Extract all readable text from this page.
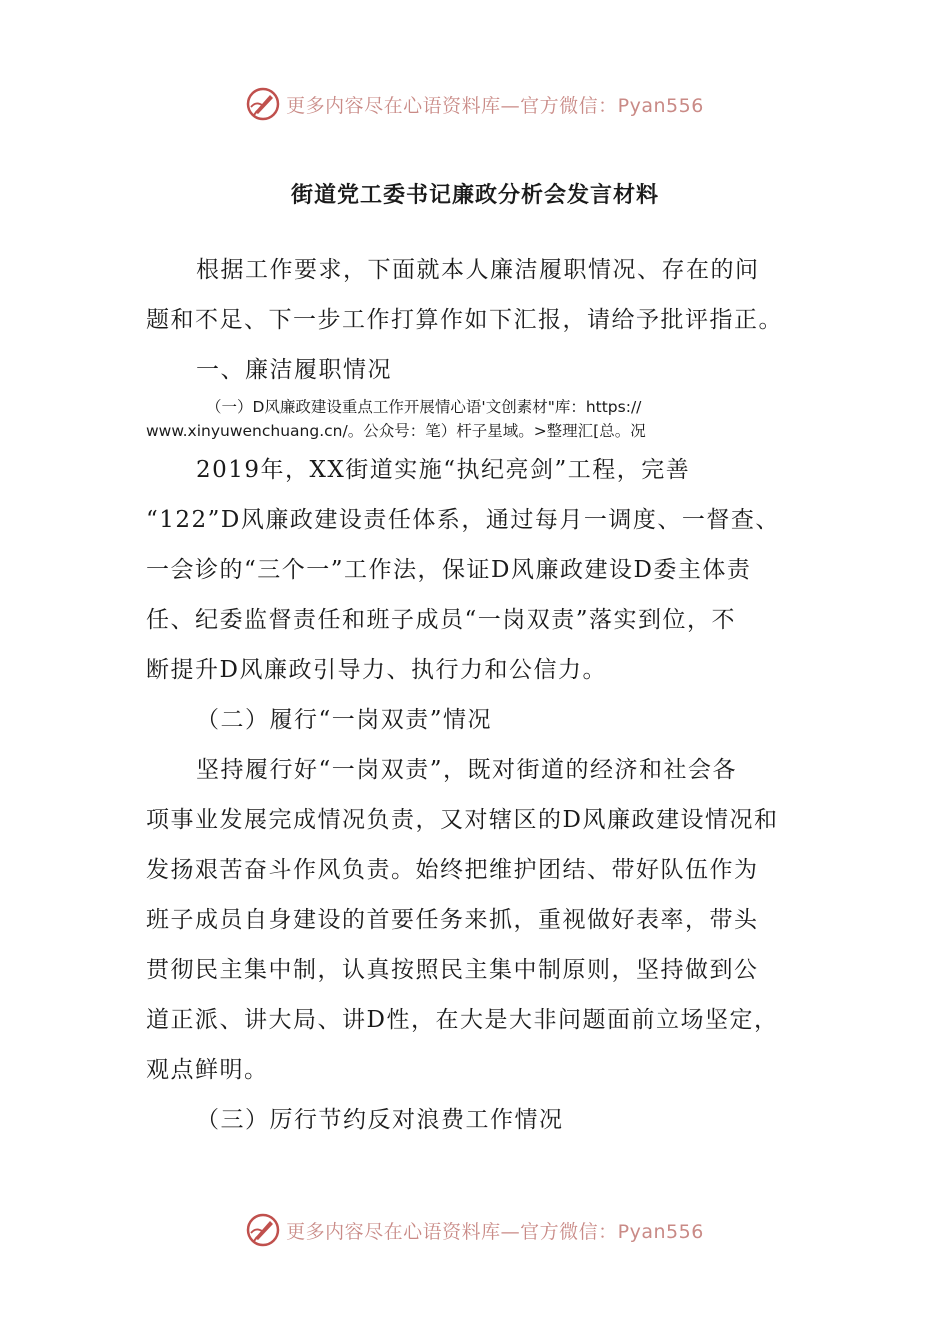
更多内容尽在心语资料库—官方微信：Pyan556
街道党工委书记廉政分析会发言材料
根据工作要求，下面就本人廉洁履职情况、存在的问
题和不足、下一步工作打算作如下汇报，请给予批评指正。
一、廉洁履职情况
（一）D风廉政建设重点工作开展情心语'文创素材"库：https://
www.xinyuwenchuang.cn/。公众号：笔）杆子星域。>整理汇[总。况
2019年，XX街道实施“执纪亮剑”工程，完善
“122”D风廉政建设责任体系，通过每月一调度、一督查、
一会诊的“三个一”工作法，保证D风廉政建设D委主体责
任、纪委监督责任和班子成员“一岗双责”落实到位，不
断提升D风廉政引导力、执行力和公信力。
（二）履行“一岗双责”情况
坚持履行好“一岗双责”，既对街道的经济和社会各
项事业发展完成情况负责，又对辖区的D风廉政建设情况和
发扬艰苦奋斗作风负责。始终把维护团结、带好队伍作为
班子成员自身建设的首要任务来抓，重视做好表率，带头
贯彻民主集中制，认真按照民主集中制原则，坚持做到公
道正派、讲大局、讲D性，在大是大非问题面前立场坚定，
观点鲜明。
（三）厉行节约反对浪费工作情况
更多内容尽在心语资料库—官方微信：Pyan556
